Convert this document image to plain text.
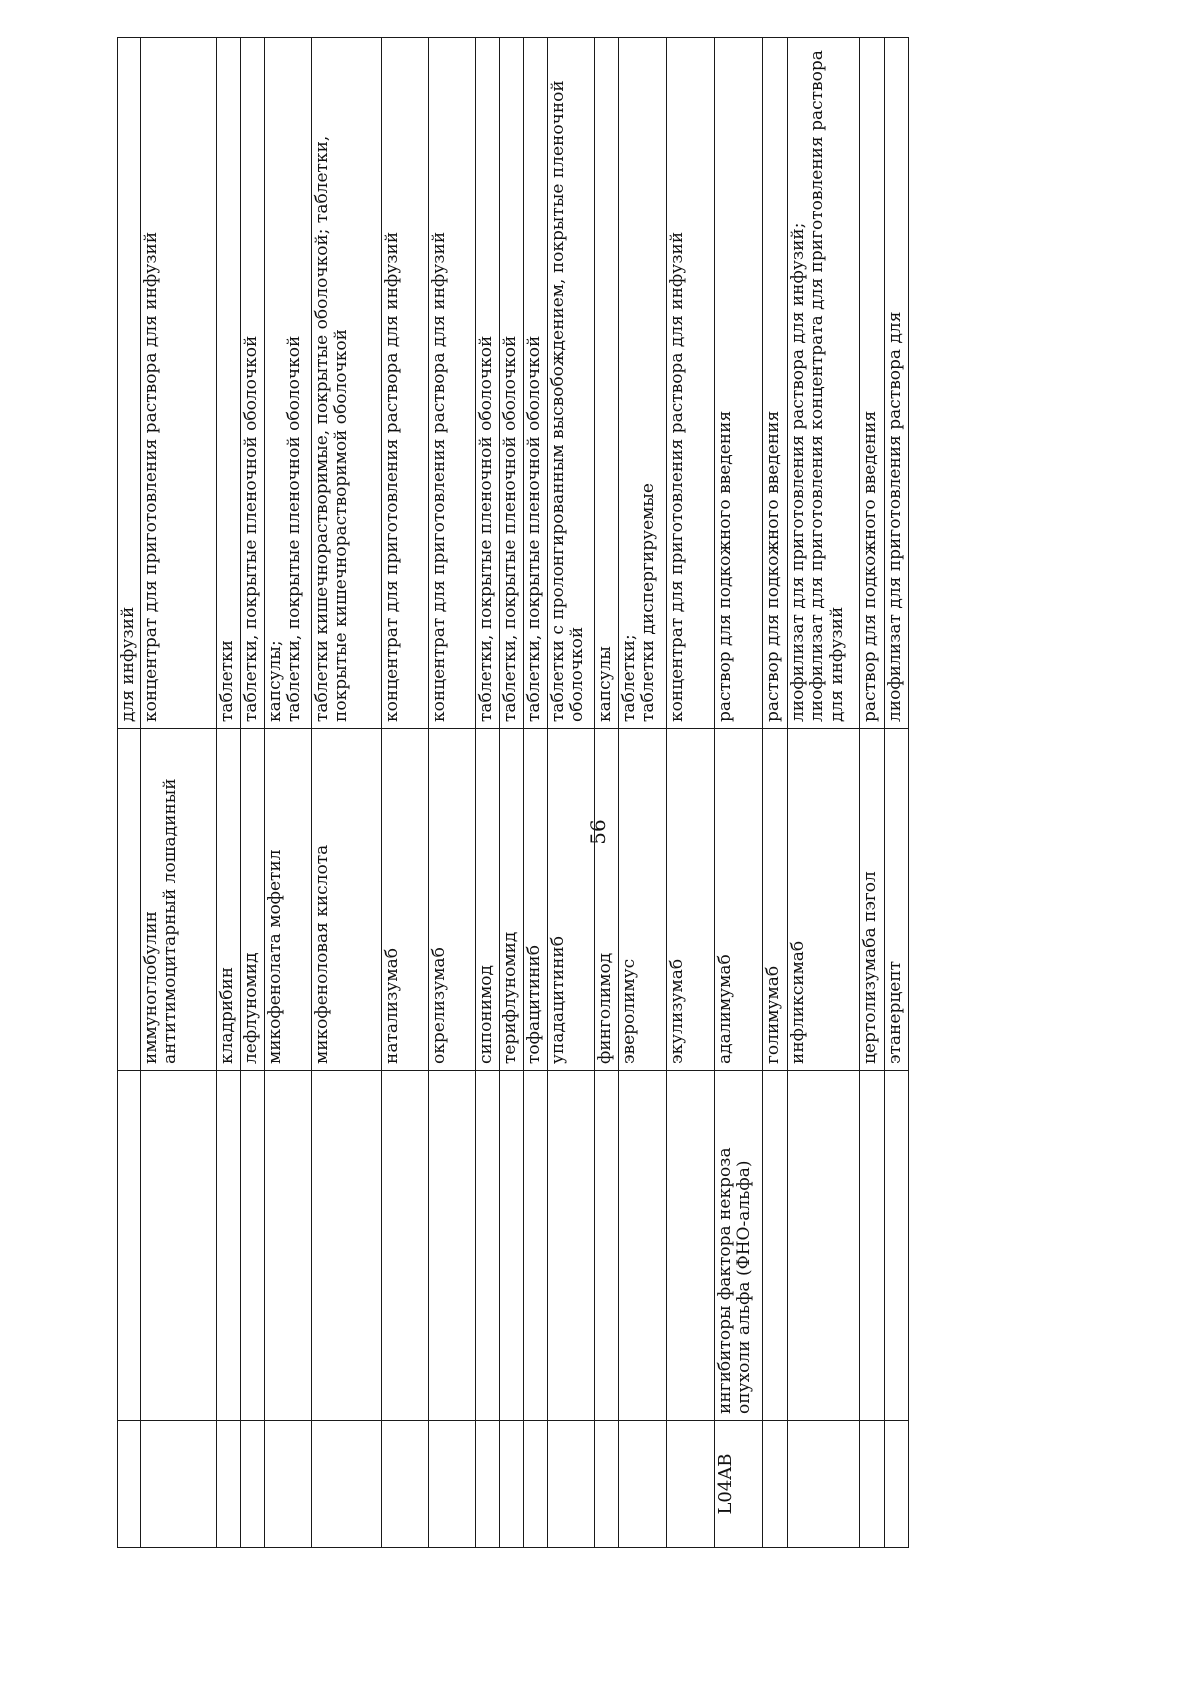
56
			для инфузий
		иммуноглобулин антитимоцитарный лошадиный	концентрат для приготовления раствора для инфузий
		кладрибин	таблетки
		лефлуномид	таблетки, покрытые пленочной оболочкой
		микофенолата мофетил	капсулы;
таблетки, покрытые пленочной оболочкой
		микофеноловая кислота	таблетки кишечнорастворимые, покрытые оболочкой; таблетки, покрытые кишечнорастворимой оболочкой
		натализумаб	концентрат для приготовления раствора для инфузий
		окрелизумаб	концентрат для приготовления раствора для инфузий
		сипонимод	таблетки, покрытые пленочной оболочкой
		терифлуномид	таблетки, покрытые пленочной оболочкой
		тофацитиниб	таблетки, покрытые пленочной оболочкой
		упадацитиниб	таблетки с пролонгированным высвобождением, покрытые пленочной оболочкой
		финголимод	капсулы
		эверолимус	таблетки;
таблетки диспергируемые
		экулизумаб	концентрат для приготовления раствора для инфузий
L04AB	ингибиторы фактора некроза опухоли альфа (ФНО-альфа)	адалимумаб	раствор для подкожного введения
		голимумаб	раствор для подкожного введения
		инфликсимаб	лиофилизат для приготовления раствора для инфузий;
лиофилизат для приготовления концентрата для приготовления раствора для инфузий
		цертолизумаба пэгол	раствор для подкожного введения
		этанерцепт	лиофилизат для приготовления раствора для
